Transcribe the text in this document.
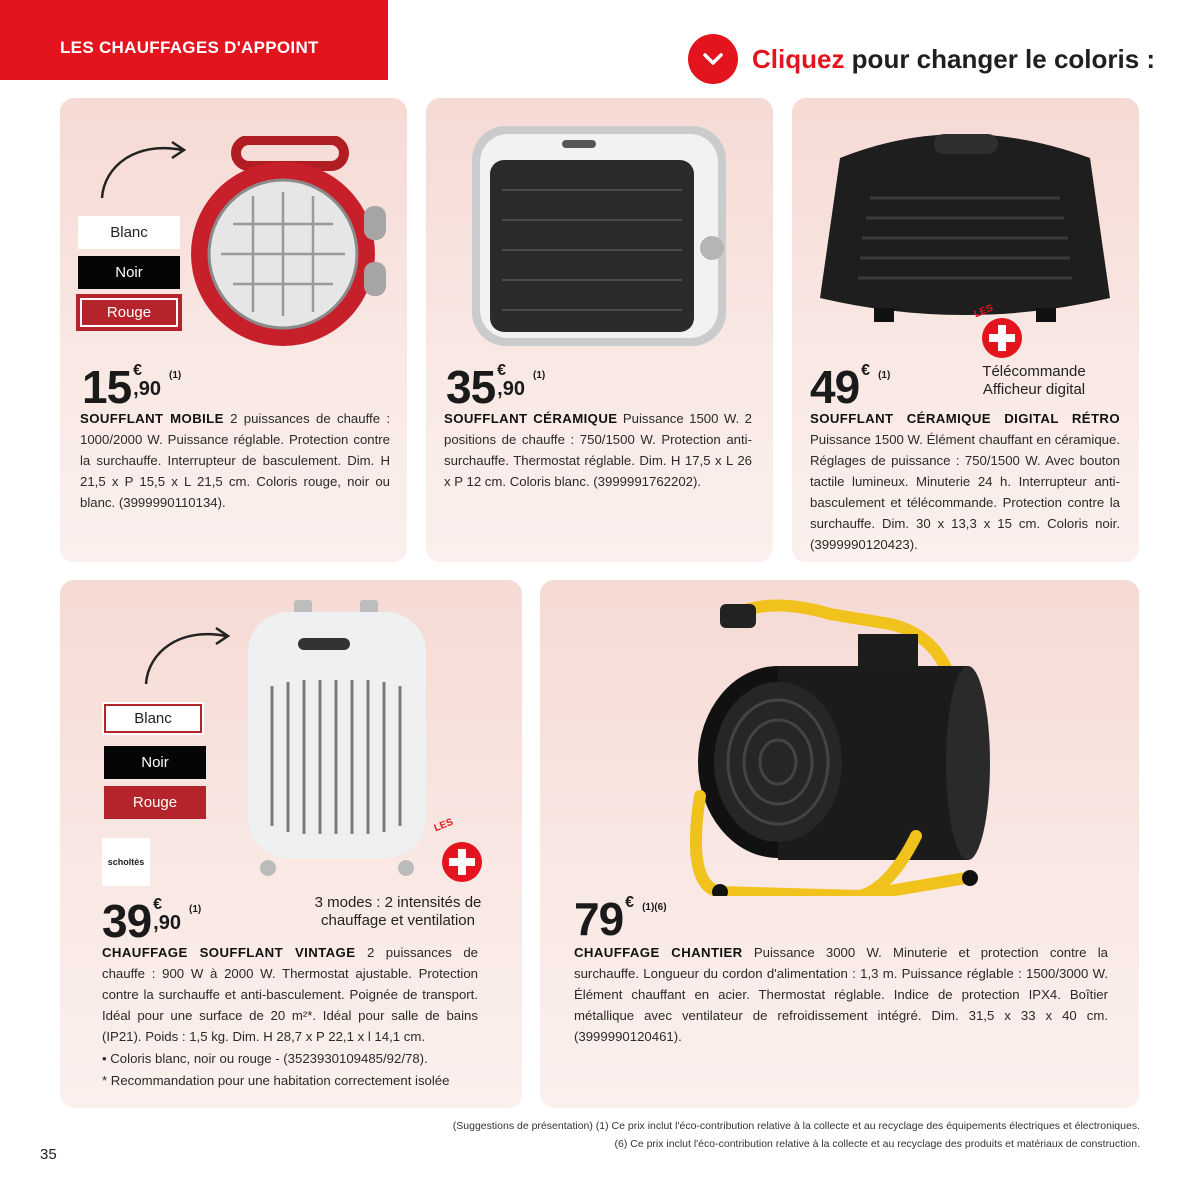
LES CHAUFFAGES D'APPOINT	Cliquez pour changer le coloris :
Blanc
Noir
Rouge
15 €
,90
(1)
SOUFFLANT MOBILE 2 puissances de chauffe : 1000/2000 W. Puissance réglable. Protection contre la surchauffe. Interrupteur de basculement. Dim. H 21,5 x P 15,5 x L 21,5 cm. Coloris rouge, noir ou blanc. (3999990110134).
35 €
,90
(1)
SOUFFLANT CÉRAMIQUE Puissance 1500 W. 2 positions de chauffe : 750/1500 W. Protection anti-surchauffe. Thermostat réglable. Dim. H 17,5 x L 26 x P 12 cm. Coloris blanc. (3999991762202).
LES
Télécommande Afficheur digital
49 € (1)
SOUFFLANT CÉRAMIQUE DIGITAL RÉTRO Puissance 1500 W. Élément chauffant en céramique. Réglages de puissance : 750/1500 W. Avec bouton tactile lumineux. Minuterie 24 h. Interrupteur anti-basculement et télécommande. Protection contre la surchauffe. Dim. 30 x 13,3 x 15 cm. Coloris noir. (3999990120423).
Blanc
Noir
Rouge
scholtès
LES
3 modes : 2 intensités de chauffage et ventilation
39 €
,90
(1)
CHAUFFAGE SOUFFLANT VINTAGE 2 puissances de chauffe : 900 W à 2000 W. Thermostat ajustable. Protection contre la surchauffe et anti-basculement. Poignée de transport. Idéal pour une surface de 20 m²*. Idéal pour salle de bains (IP21). Poids : 1,5 kg. Dim. H 28,7 x P 22,1 x l 14,1 cm.
• Coloris blanc, noir ou rouge - (3523930109485/92/78).
* Recommandation pour une habitation correctement isolée
79 € (1)(6)
CHAUFFAGE CHANTIER Puissance 3000 W. Minuterie et protection contre la surchauffe. Longueur du cordon d'alimentation : 1,3 m. Puissance réglable : 1500/3000 W. Élément chauffant en acier. Thermostat réglable. Indice de protection IPX4. Boîtier métallique avec ventilateur de refroidissement intégré. Dim. 31,5 x 33 x 40 cm. (3999990120461).
(Suggestions de présentation) (1) Ce prix inclut l'éco-contribution relative à la collecte et au recyclage des équipements électriques et électroniques.
(6) Ce prix inclut l'éco-contribution relative à la collecte et au recyclage des produits et matériaux de construction.
35
